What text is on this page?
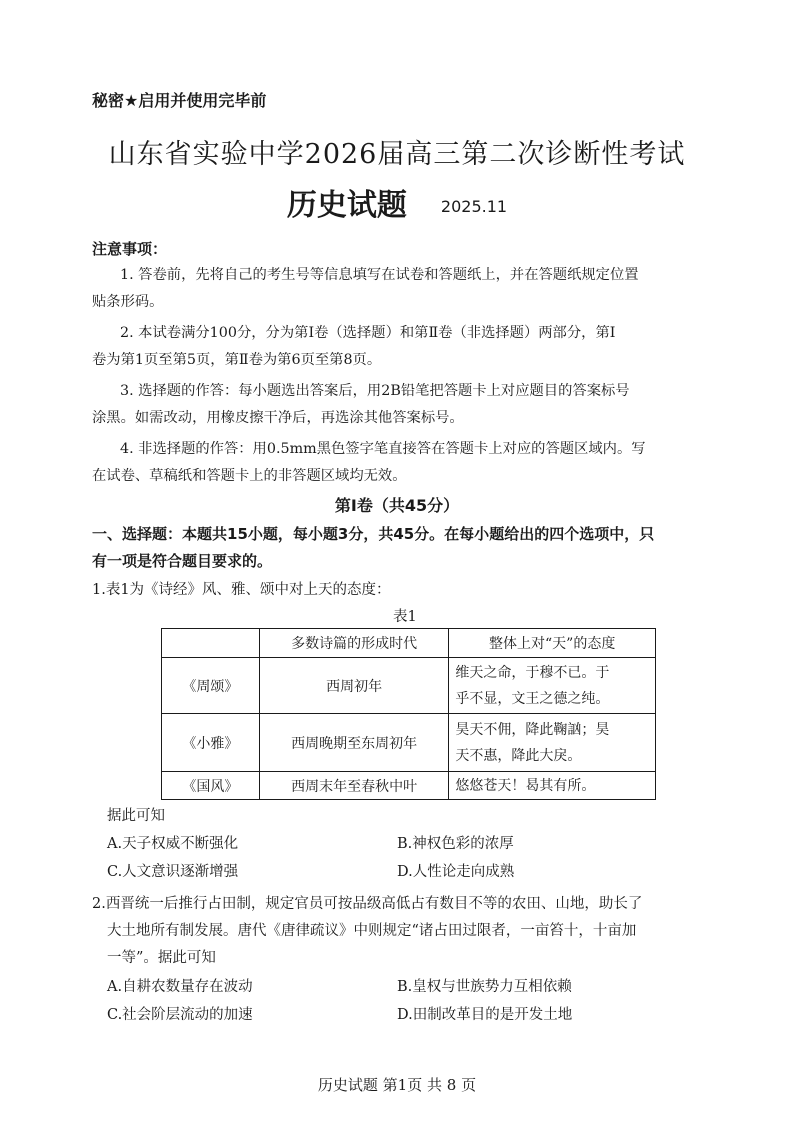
秘密★启用并使用完毕前
山东省实验中学2026届高三第二次诊断性考试
历史试题 2025.11
注意事项：
1. 答卷前，先将自己的考生号等信息填写在试卷和答题纸上，并在答题纸规定位置
贴条形码。
2. 本试卷满分100分，分为第Ⅰ卷（选择题）和第Ⅱ卷（非选择题）两部分，第Ⅰ
卷为第1页至第5页，第Ⅱ卷为第6页至第8页。
3. 选择题的作答：每小题选出答案后，用2B铅笔把答题卡上对应题目的答案标号
涂黑。如需改动，用橡皮擦干净后，再选涂其他答案标号。
4. 非选择题的作答：用0.5mm黑色签字笔直接答在答题卡上对应的答题区域内。写
在试卷、草稿纸和答题卡上的非答题区域均无效。
第Ⅰ卷（共45分）
一、选择题：本题共15小题，每小题3分，共45分。在每小题给出的四个选项中，只
有一项是符合题目要求的。
1.表1为《诗经》风、雅、颂中对上天的态度：
表1
	多数诗篇的形成时代	整体上对“天”的态度
《周颂》	西周初年	维天之命，于穆不已。于
乎不显，文王之德之纯。

《小雅》	西周晚期至东周初年	昊天不佣，降此鞠訩；昊
天不惠，降此大戾。

《国风》	西周末年至春秋中叶	悠悠苍天！曷其有所。
据此可知
A.天子权威不断强化	B.神权色彩的浓厚
C.人文意识逐渐增强	D.人性论走向成熟
2.西晋统一后推行占田制，规定官员可按品级高低占有数目不等的农田、山地，助长了
大土地所有制发展。唐代《唐律疏议》中则规定“诸占田过限者，一亩笞十，十亩加
一等”。据此可知
A.自耕农数量存在波动	B.皇权与世族势力互相依赖
C.社会阶层流动的加速	D.田制改革目的是开发土地
历史试题 第1页 共 8 页
